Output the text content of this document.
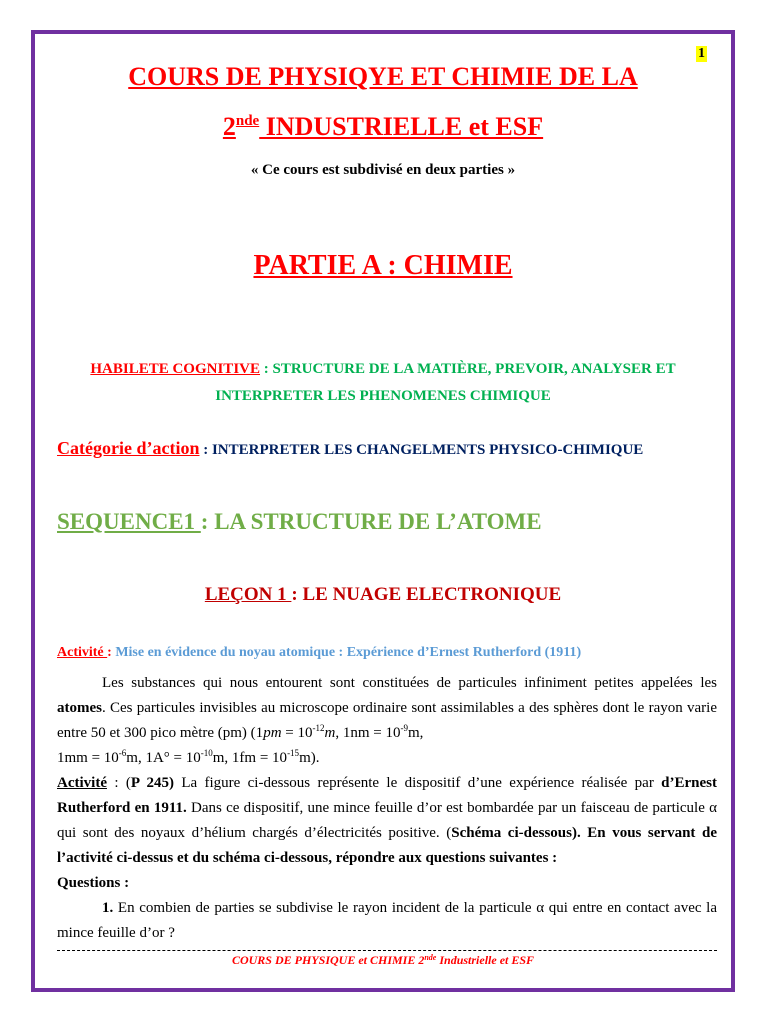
1
COURS DE PHYSIQYE ET CHIMIE DE LA
2nde INDUSTRIELLE et ESF
« Ce cours est subdivisé en deux parties »
PARTIE A : CHIMIE
HABILETE COGNITIVE : STRUCTURE DE LA MATIÈRE, PREVOIR, ANALYSER ET
INTERPRETER LES PHENOMENES CHIMIQUE
Catégorie d’action : INTERPRETER LES CHANGELMENTS PHYSICO-CHIMIQUE
SEQUENCE1 : LA STRUCTURE DE L’ATOME
LEÇON 1 : LE NUAGE ELECTRONIQUE

Activité : Mise en évidence du noyau atomique : Expérience d’Ernest Rutherford (1911)

Les substances qui nous entourent sont constituées de particules infiniment petites appelées les atomes. Ces particules invisibles au microscope ordinaire sont assimilables a des sphères dont le rayon varie entre 50 et 300 pico mètre (pm) ($1pm = 10^{-12}m$, $1nm = 10^{-9}m$,

$1mm = 10^{-6}m$, $1A^\circ = 10^{-10}m$, $1fm = 10^{-15}m$).

Activité : (P 245) La figure ci-dessous représente le dispositif d’une expérience réalisée par d’Ernest Rutherford en 1911. Dans ce dispositif, une mince feuille d’or est bombardée par un faisceau de particule α qui sont des noyaux d’hélium chargés d’électricités positive. (Schéma ci-dessous). En vous servant de l’activité ci-dessus et du schéma ci-dessous, répondre aux questions suivantes :

Questions :

1. En combien de parties se subdivise le rayon incident de la particule α qui entre en contact avec la mince feuille d’or ?

COURS DE PHYSIQUE et CHIMIE 2nde Industrielle et ESF
